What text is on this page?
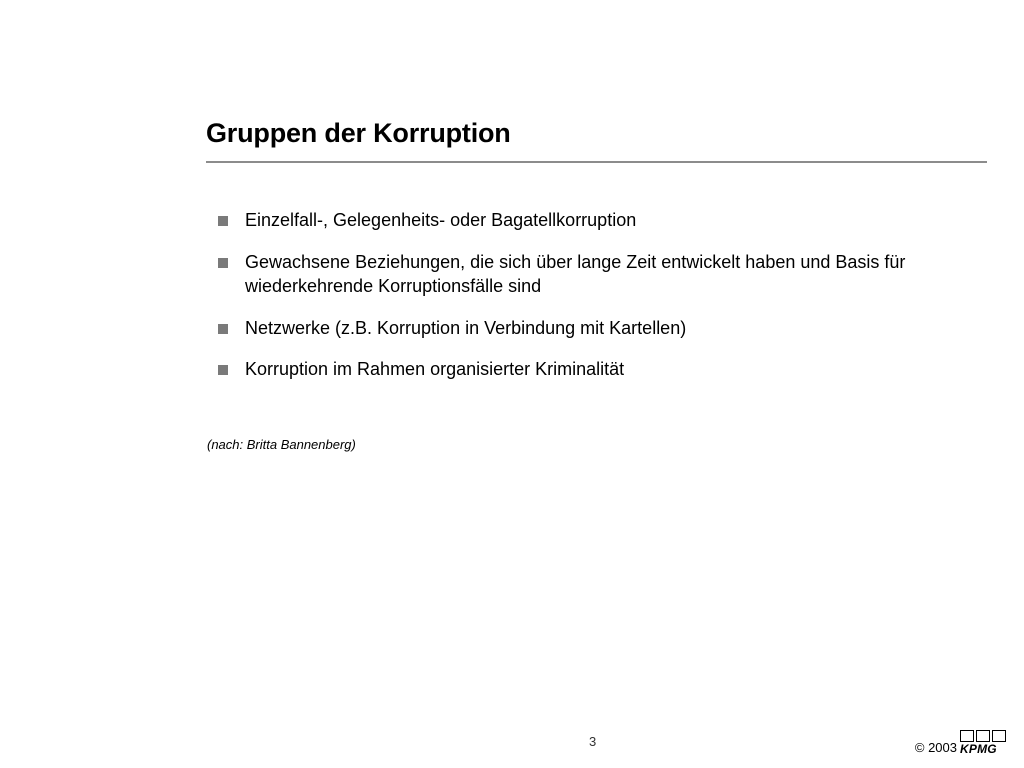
Gruppen der Korruption
Einzelfall-, Gelegenheits- oder Bagatellkorruption
Gewachsene Beziehungen, die sich über lange Zeit entwickelt haben und Basis für wiederkehrende Korruptionsfälle sind
Netzwerke (z.B. Korruption in Verbindung mit Kartellen)
Korruption im Rahmen organisierter Kriminalität
(nach: Britta Bannenberg)
3	© 2003 KPMG
